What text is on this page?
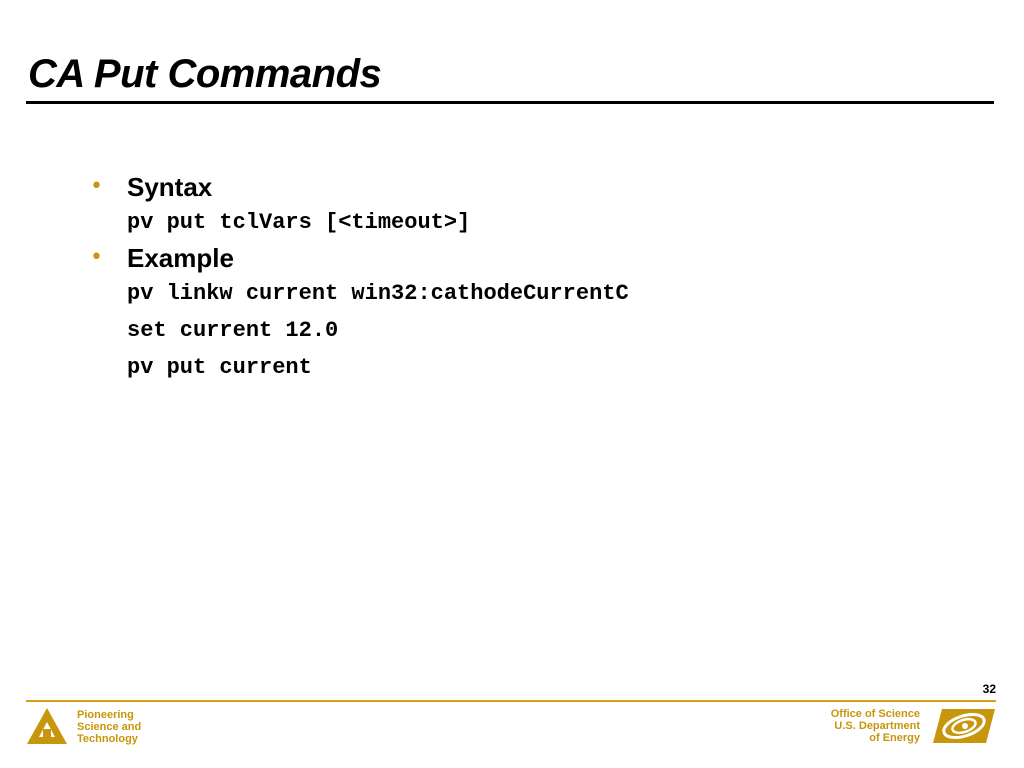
CA Put Commands
• Syntax
pv put tclVars [<timeout>]
• Example
pv linkw current win32:cathodeCurrentC
set current 12.0
pv put current
32
Pioneering
Science and
Technology
Office of Science
U.S. Department
of Energy
